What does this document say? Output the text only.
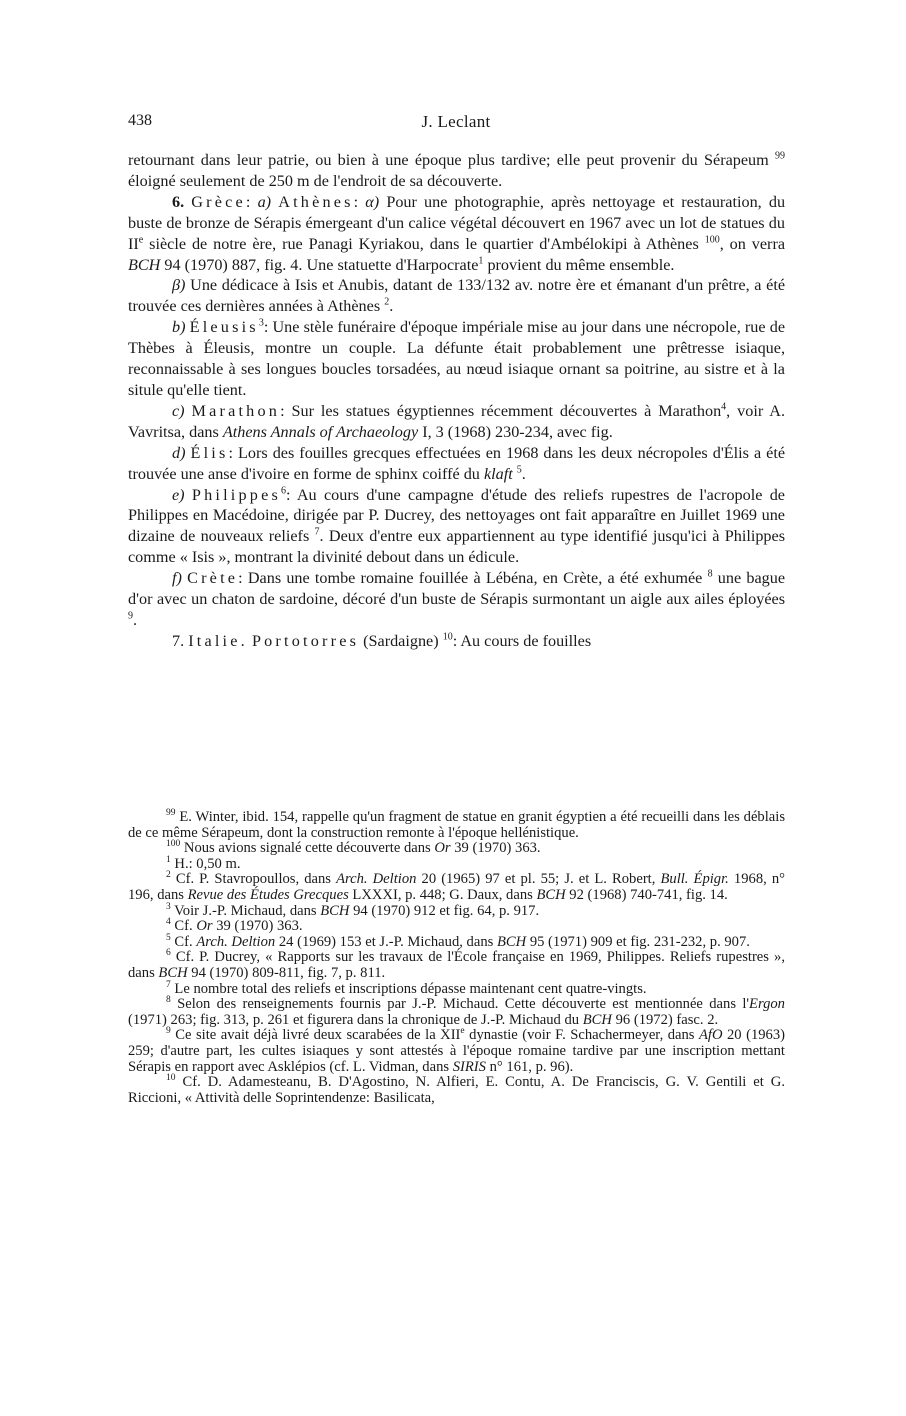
438	J. Leclant

retournant dans leur patrie, ou bien à une époque plus tardive; elle peut provenir du Sérapeum $^{99}$ éloigné seulement de 250 m de l'endroit de sa découverte.

6. Grèce: a) Athènes: α) Pour une photographie, après nettoyage et restauration, du buste de bronze de Sérapis émergeant d'un calice végétal découvert en 1967 avec un lot de statues du IIe siècle de notre ère, rue Panagi Kyriakou, dans le quartier d'Ambélokipi à Athènes $^{100}$, on verra BCH 94 (1970) 887, fig. 4. Une statuette d'Harpocrate$^1$ provient du même ensemble.

β) Une dédicace à Isis et Anubis, datant de 133/132 av. notre ère et émanant d'un prêtre, a été trouvée ces dernières années à Athènes $^2$.

b) Éleusis$^3$: Une stèle funéraire d'époque impériale mise au jour dans une nécropole, rue de Thèbes à Éleusis, montre un couple. La défunte était probablement une prêtresse isiaque, reconnaissable à ses longues boucles torsadées, au nœud isiaque ornant sa poitrine, au sistre et à la situle qu'elle tient.

c) Marathon: Sur les statues égyptiennes récemment découvertes à Marathon$^4$, voir A. Vavritsa, dans Athens Annals of Archaeology I, 3 (1968) 230-234, avec fig.

d) Élis: Lors des fouilles grecques effectuées en 1968 dans les deux nécropoles d'Élis a été trouvée une anse d'ivoire en forme de sphinx coiffé du klaft $^5$.

e) Philippes$^6$: Au cours d'une campagne d'étude des reliefs rupestres de l'acropole de Philippes en Macédoine, dirigée par P. Ducrey, des nettoyages ont fait apparaître en Juillet 1969 une dizaine de nouveaux reliefs $^7$. Deux d'entre eux appartiennent au type identifié jusqu'ici à Philippes comme « Isis », montrant la divinité debout dans un édicule.

f) Crète: Dans une tombe romaine fouillée à Lébéna, en Crète, a été exhumée $^8$ une bague d'or avec un chaton de sardoine, décoré d'un buste de Sérapis surmontant un aigle aux ailes éployées $^9$.

7. Italie. Portotorres (Sardaigne) $^{10}$: Au cours de fouilles

$^{99}$ E. Winter, ibid. 154, rappelle qu'un fragment de statue en granit égyptien a été recueilli dans les déblais de ce même Sérapeum, dont la construction remonte à l'époque hellénistique.

$^{100}$ Nous avions signalé cette découverte dans Or 39 (1970) 363.

$^1$ H.: 0,50 m.

$^2$ Cf. P. Stavropoullos, dans Arch. Deltion 20 (1965) 97 et pl. 55; J. et L. Robert, Bull. Épigr. 1968, n° 196, dans Revue des Études Grecques LXXXI, p. 448; G. Daux, dans BCH 92 (1968) 740-741, fig. 14.

$^3$ Voir J.-P. Michaud, dans BCH 94 (1970) 912 et fig. 64, p. 917.

$^4$ Cf. Or 39 (1970) 363.

$^5$ Cf. Arch. Deltion 24 (1969) 153 et J.-P. Michaud, dans BCH 95 (1971) 909 et fig. 231-232, p. 907.

$^6$ Cf. P. Ducrey, « Rapports sur les travaux de l'École française en 1969, Philippes. Reliefs rupestres », dans BCH 94 (1970) 809-811, fig. 7, p. 811.

$^7$ Le nombre total des reliefs et inscriptions dépasse maintenant cent quatre-vingts.

$^8$ Selon des renseignements fournis par J.-P. Michaud. Cette découverte est mentionnée dans l'Ergon (1971) 263; fig. 313, p. 261 et figurera dans la chronique de J.-P. Michaud du BCH 96 (1972) fasc. 2.

$^9$ Ce site avait déjà livré deux scarabées de la XIIe dynastie (voir F. Schachermeyer, dans AfO 20 (1963) 259; d'autre part, les cultes isiaques y sont attestés à l'époque romaine tardive par une inscription mettant Sérapis en rapport avec Asklépios (cf. L. Vidman, dans SIRIS n° 161, p. 96).

$^{10}$ Cf. D. Adamesteanu, B. D'Agostino, N. Alfieri, E. Contu, A. De Franciscis, G. V. Gentili et G. Riccioni, « Attività delle Soprintendenze: Basilicata,
